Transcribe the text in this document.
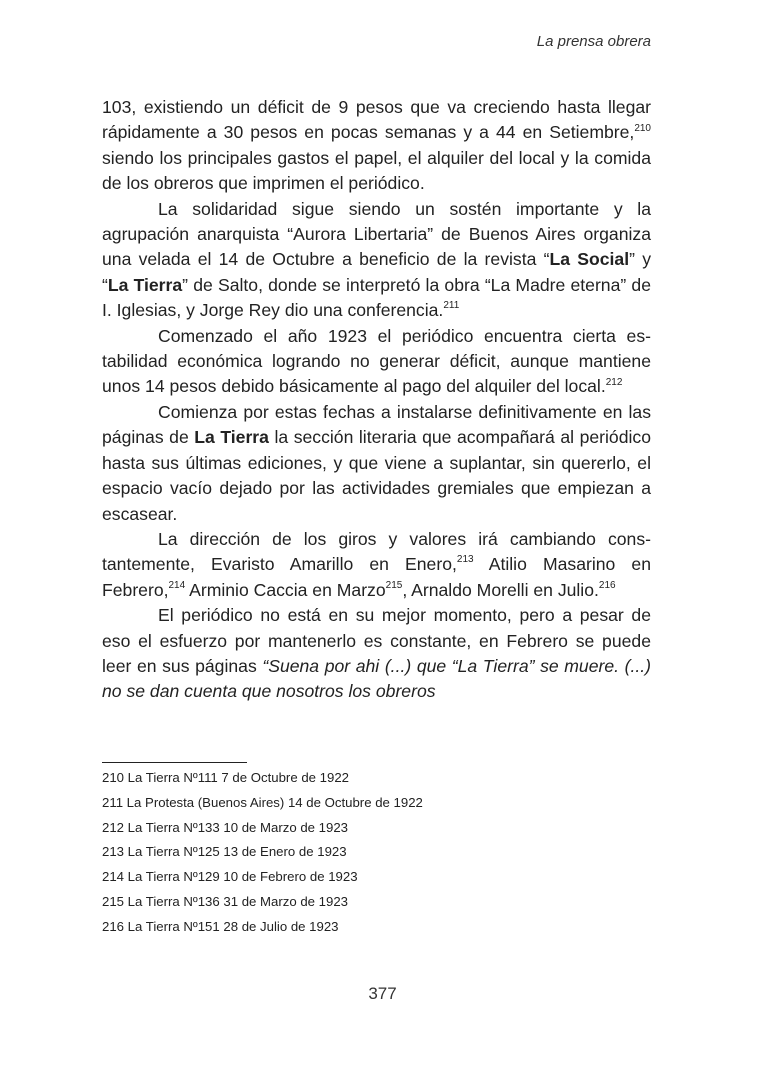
La prensa obrera

103, existiendo un déficit de 9 pesos que va creciendo hasta llegar rápidamente a 30 pesos en pocas semanas y a 44 en Setiembre,$^{210}$ siendo los principales gastos el papel, el alquiler del local y la comida de los obreros que imprimen el periódico.

La solidaridad sigue siendo un sostén importante y la agrupación anarquista “Aurora Libertaria” de Buenos Aires organiza una velada el 14 de Octubre a beneficio de la revista “La Social” y “La Tierra” de Salto, donde se interpretó la obra “La Madre eterna” de I. Iglesias, y Jorge Rey dio una conferencia.$^{211}$

Comenzado el año 1923 el periódico encuentra cierta estabilidad económica logrando no generar déficit, aunque mantiene unos 14 pesos debido básicamente al pago del alquiler del local.$^{212}$

Comienza por estas fechas a instalarse definitivamente en las páginas de La Tierra la sección literaria que acompañará al periódico hasta sus últimas ediciones, y que viene a suplantar, sin quererlo, el espacio vacío dejado por las actividades gremiales que empiezan a escasear.

La dirección de los giros y valores irá cambiando constantemente, Evaristo Amarillo en Enero,$^{213}$ Atilio Masarino en Febrero,$^{214}$ Arminio Caccia en Marzo$^{215}$, Arnaldo Morelli en Julio.$^{216}$

El periódico no está en su mejor momento, pero a pesar de eso el esfuerzo por mantenerlo es constante, en Febrero se puede leer en sus páginas “Suena por ahi (...) que “La Tierra” se muere. (...) no se dan cuenta que nosotros los obreros

210 La Tierra Nº111 7 de Octubre de 1922
211 La Protesta (Buenos Aires) 14 de Octubre de 1922
212 La Tierra Nº133 10 de Marzo de 1923
213 La Tierra Nº125 13 de Enero de 1923
214 La Tierra Nº129 10 de Febrero de 1923
215 La Tierra Nº136 31 de Marzo de 1923
216 La Tierra Nº151 28 de Julio de 1923
377
